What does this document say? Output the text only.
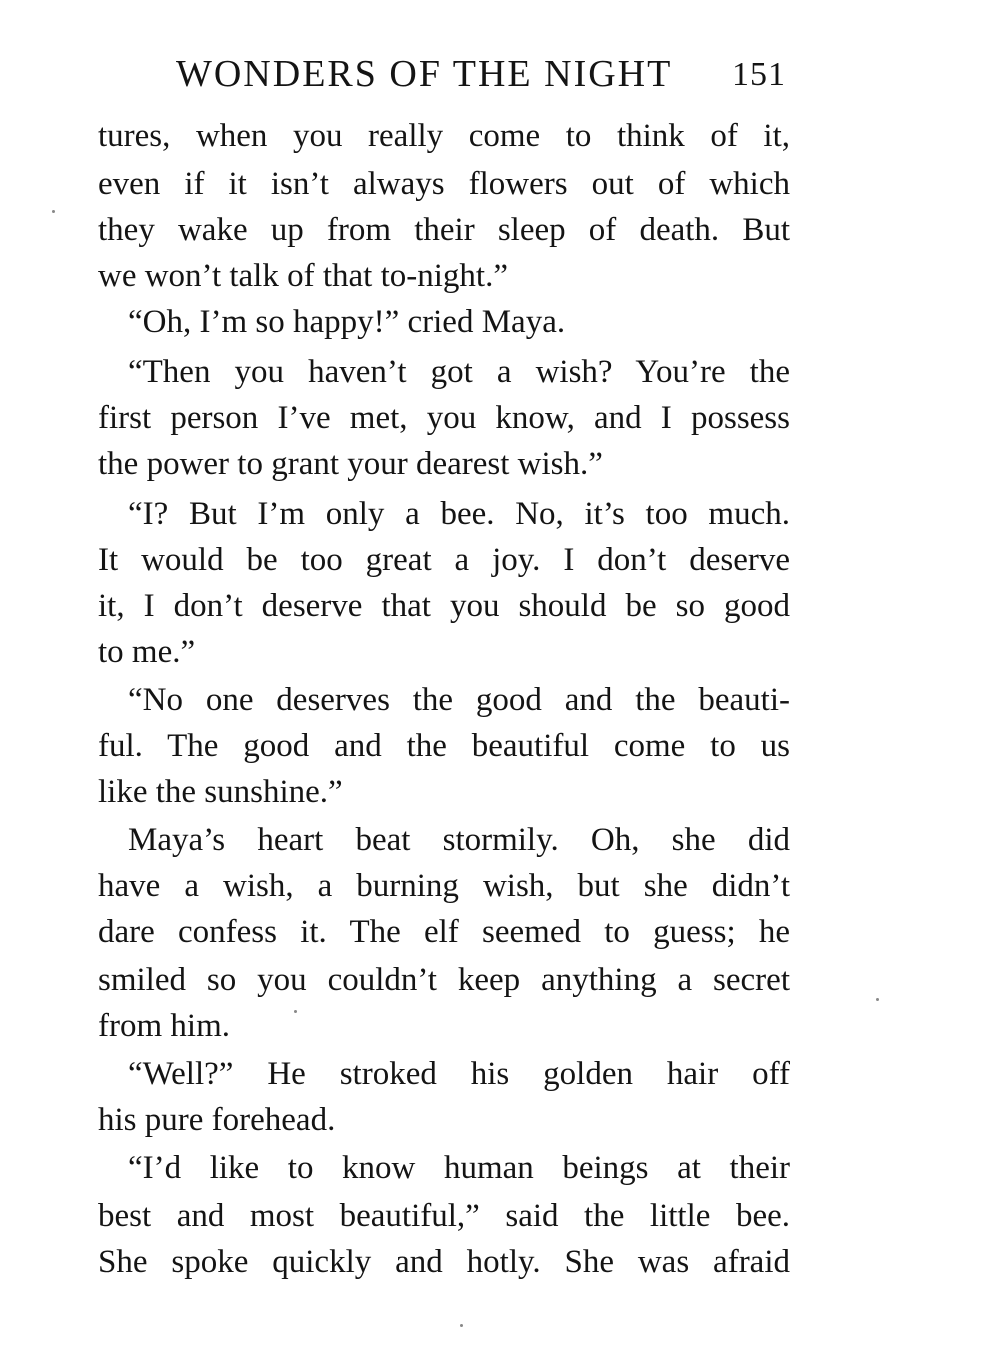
WONDERS OF THE NIGHT 151
tures, when you really come to think of it,
even if it isn’t always flowers out of which
they wake up from their sleep of death. But
we won’t talk of that to-night.”
“Oh, I’m so happy!” cried Maya.
“Then you haven’t got a wish? You’re the
first person I’ve met, you know, and I possess
the power to grant your dearest wish.”
“I? But I’m only a bee. No, it’s too much.
It would be too great a joy. I don’t deserve
it, I don’t deserve that you should be so good
to me.”
“No one deserves the good and the beauti-
ful. The good and the beautiful come to us
like the sunshine.”
Maya’s heart beat stormily. Oh, she did
have a wish, a burning wish, but she didn’t
dare confess it. The elf seemed to guess; he
smiled so you couldn’t keep anything a secret
from him.
“Well?” He stroked his golden hair off
his pure forehead.
“I’d like to know human beings at their
best and most beautiful,” said the little bee.
She spoke quickly and hotly. She was afraid
